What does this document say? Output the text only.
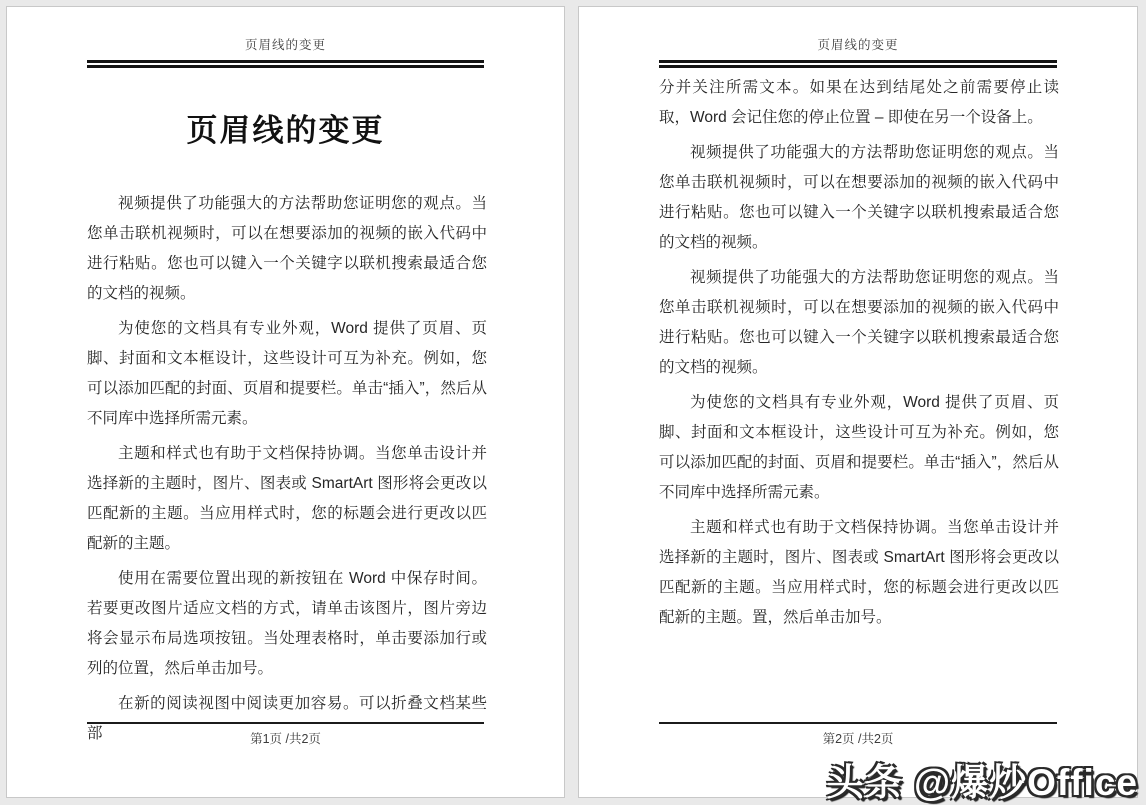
页眉线的变更
页眉线的变更

视频提供了功能强大的方法帮助您证明您的观点。当您单击联机视频时，可以在想要添加的视频的嵌入代码中进行粘贴。您也可以键入一个关键字以联机搜索最适合您的文档的视频。

为使您的文档具有专业外观，Word 提供了页眉、页脚、封面和文本框设计，这些设计可互为补充。例如，您可以添加匹配的封面、页眉和提要栏。单击“插入”，然后从不同库中选择所需元素。

主题和样式也有助于文档保持协调。当您单击设计并选择新的主题时，图片、图表或 SmartArt 图形将会更改以匹配新的主题。当应用样式时，您的标题会进行更改以匹配新的主题。

使用在需要位置出现的新按钮在 Word 中保存时间。若要更改图片适应文档的方式，请单击该图片，图片旁边将会显示布局选项按钮。当处理表格时，单击要添加行或列的位置，然后单击加号。

在新的阅读视图中阅读更加容易。可以折叠文档某些部	第1页 /共2页
页眉线的变更

分并关注所需文本。如果在达到结尾处之前需要停止读取，Word 会记住您的停止位置 – 即使在另一个设备上。

视频提供了功能强大的方法帮助您证明您的观点。当您单击联机视频时，可以在想要添加的视频的嵌入代码中进行粘贴。您也可以键入一个关键字以联机搜索最适合您的文档的视频。

视频提供了功能强大的方法帮助您证明您的观点。当您单击联机视频时，可以在想要添加的视频的嵌入代码中进行粘贴。您也可以键入一个关键字以联机搜索最适合您的文档的视频。

为使您的文档具有专业外观，Word 提供了页眉、页脚、封面和文本框设计，这些设计可互为补充。例如，您可以添加匹配的封面、页眉和提要栏。单击“插入”，然后从不同库中选择所需元素。

主题和样式也有助于文档保持协调。当您单击设计并选择新的主题时，图片、图表或 SmartArt 图形将会更改以匹配新的主题。当应用样式时，您的标题会进行更改以匹配新的主题。置，然后单击加号。

第2页 /共2页
头条 @爆炒Office
